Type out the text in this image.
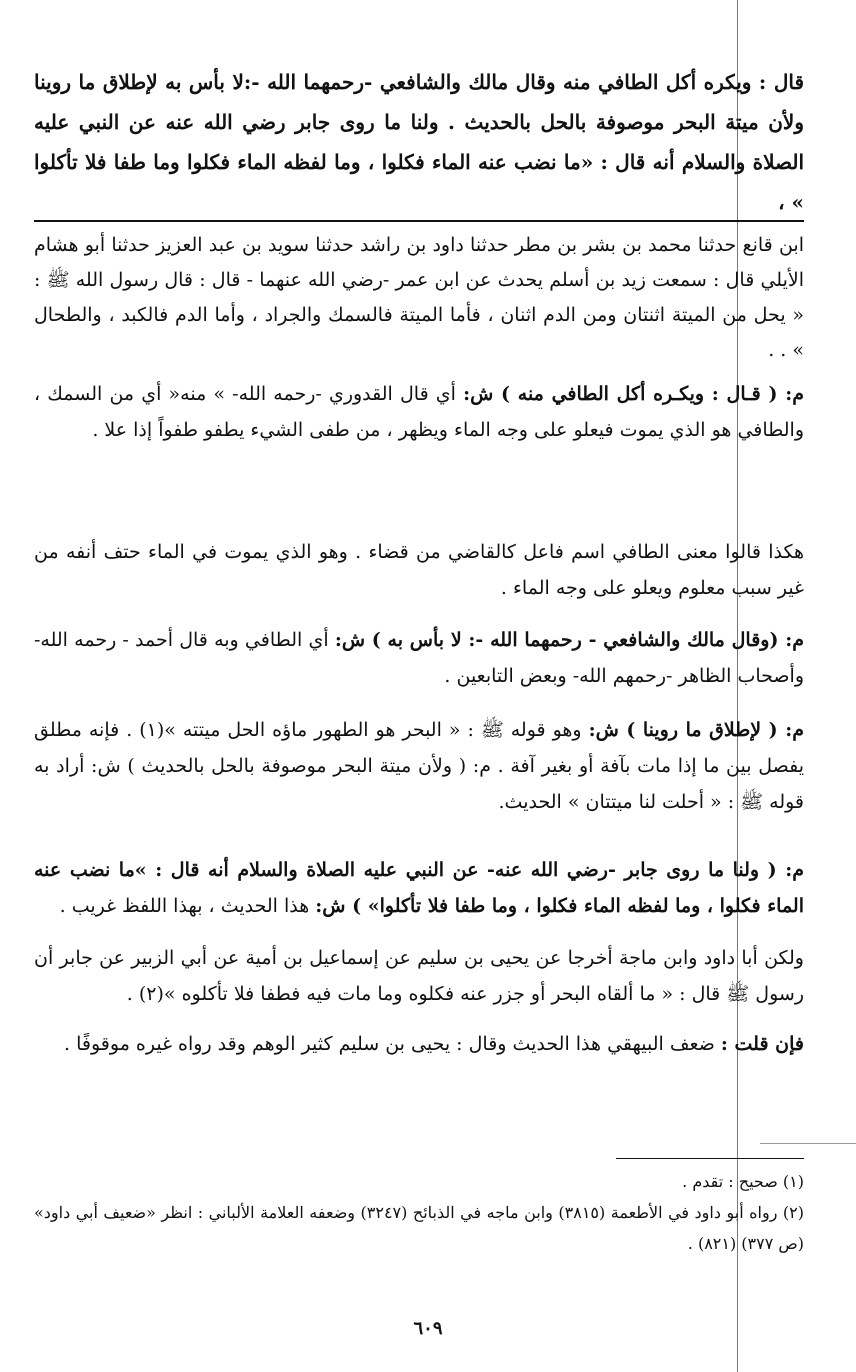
قال : ويكره أكل الطافي منه وقال مالك والشافعي -رحمهما الله -:لا بأس به لإطلاق ما روينا ولأن ميتة البحر موصوفة بالحل بالحديث . ولنا ما روى جابر رضي الله عنه عن النبي عليه الصلاة والسلام أنه قال : «ما نضب عنه الماء فكلوا ، وما لفظه الماء فكلوا وما طفا فلا تأكلوا » ،
ابن قانع حدثنا محمد بن بشر بن مطر حدثنا داود بن راشد حدثنا سويد بن عبد العزيز حدثنا أبو هشام الأيلي قال : سمعت زيد بن أسلم يحدث عن ابن عمر -رضي الله عنهما - قال : قال رسول الله ﷺ : « يحل من الميتة اثنتان ومن الدم اثنان ، فأما الميتة فالسمك والجراد ، وأما الدم فالكبد ، والطحال » . .

م: ( قـال : ويكـره أكل الطافي منه ) ش: أي قال القدوري -رحمه الله- » منه« أي من السمك ، والطافي هو الذي يموت فيعلو على وجه الماء ويظهر ، من طفى الشيء يطفو طفواً إذا علا .

هكذا قالوا معنى الطافي اسم فاعل كالقاضي من قضاء . وهو الذي يموت في الماء حتف أنفه من غير سبب معلوم ويعلو على وجه الماء .

م: (وقال مالك والشافعي - رحمهما الله -: لا بأس به ) ش: أي الطافي وبه قال أحمد - رحمه الله- وأصحاب الظاهر -رحمهم الله- وبعض التابعين .

م: ( لإطلاق ما روينا ) ش: وهو قوله ﷺ : « البحر هو الطهور ماؤه الحل ميتته »(١) . فإنه مطلق يفصل بين ما إذا مات بآفة أو بغير آفة . م: ( ولأن ميتة البحر موصوفة بالحل بالحديث ) ش: أراد به قوله ﷺ : « أحلت لنا ميتتان » الحديث.

م: ( ولنا ما روى جابر -رضي الله عنه- عن النبي عليه الصلاة والسلام أنه قال : »ما نضب عنه الماء فكلوا ، وما لفظه الماء فكلوا ، وما طفا فلا تأكلوا» ) ش: هذا الحديث ، بهذا اللفظ غريب .

ولكن أبا داود وابن ماجة أخرجا عن يحيى بن سليم عن إسماعيل بن أمية عن أبي الزبير عن جابر أن رسول ﷺ قال : « ما ألقاه البحر أو جزر عنه فكلوه وما مات فيه فطفا فلا تأكلوه »(٢) .

فإن قلت : ضعف البيهقي هذا الحديث وقال : يحيى بن سليم كثير الوهم وقد رواه غيره موقوفًا .

(١) صحيح : تقدم .

(٢) رواه أبو داود في الأطعمة (٣٨١٥) وابن ماجه في الذبائح (٣٢٤٧) وضعفه العلامة الألباني : انظر «ضعيف أبي داود» (ص ٣٧٧) (٨٢١) .

٦٠٩
